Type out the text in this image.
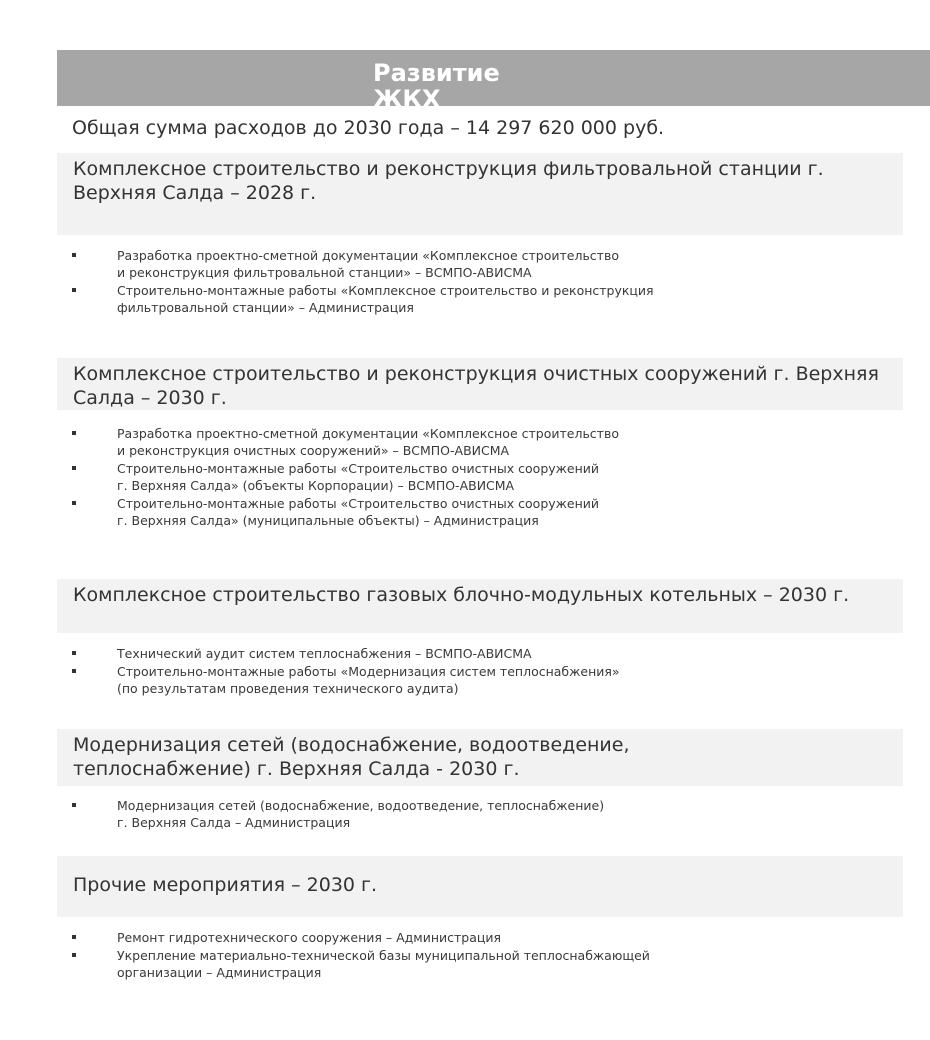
Развитие ЖКХ

Общая сумма расходов до 2030 года – 14 297 620 000 руб.

Комплексное строительство и реконструкция фильтровальной станции г. Верхняя Салда – 2028 г.
Разработка проектно-сметной документации «Комплексное строительство
и реконструкция фильтровальной станции» – ВСМПО-АВИСМА
Строительно-монтажные работы «Комплексное строительство и реконструкция
фильтровальной станции» – Администрация
Комплексное строительство и реконструкция очистных сооружений г. Верхняя Салда – 2030 г.
Разработка проектно-сметной документации «Комплексное строительство
и реконструкция очистных сооружений» – ВСМПО-АВИСМА
Строительно-монтажные работы «Строительство очистных сооружений
г. Верхняя Салда» (объекты Корпорации) – ВСМПО-АВИСМА
Строительно-монтажные работы «Строительство очистных сооружений
г. Верхняя Салда» (муниципальные объекты) – Администрация
Комплексное строительство газовых блочно-модульных котельных – 2030 г.
Технический аудит систем теплоснабжения – ВСМПО-АВИСМА
Строительно-монтажные работы «Модернизация систем теплоснабжения»
(по результатам проведения технического аудита)
Модернизация сетей (водоснабжение, водоотведение, теплоснабжение) г. Верхняя Салда - 2030 г.
Модернизация сетей (водоснабжение, водоотведение, теплоснабжение)
г. Верхняя Салда – Администрация
Прочие мероприятия – 2030 г.
Ремонт гидротехнического сооружения – Администрация
Укрепление материально-технической базы муниципальной теплоснабжающей
организации – Администрация
